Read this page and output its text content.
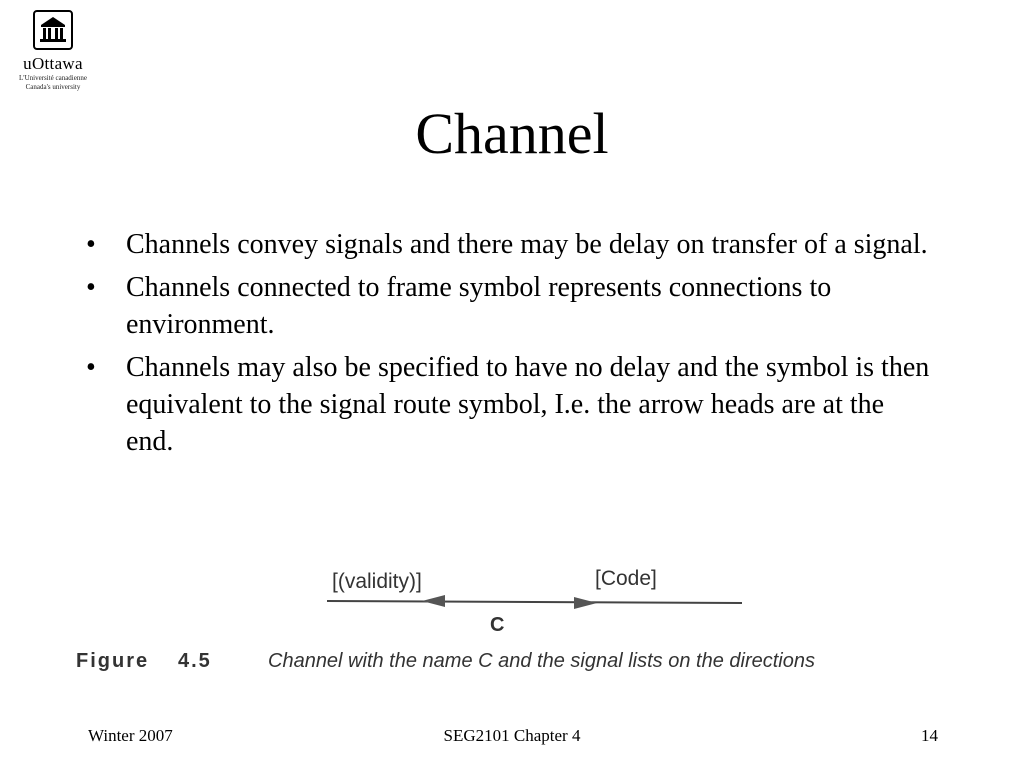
uOttawa
L'Université canadienne
Canada's university
Channel
• Channels convey signals and there may be delay on transfer of a signal.
• Channels connected to frame symbol represents connections to environment.
• Channels may also be specified to have no delay and the symbol is then equivalent to the signal route symbol, I.e. the arrow heads are at the end.
[(validity)]	[Code]
C
Figure 4.5	Channel with the name C and the signal lists on the directions
Winter 2007	SEG2101 Chapter 4	14
